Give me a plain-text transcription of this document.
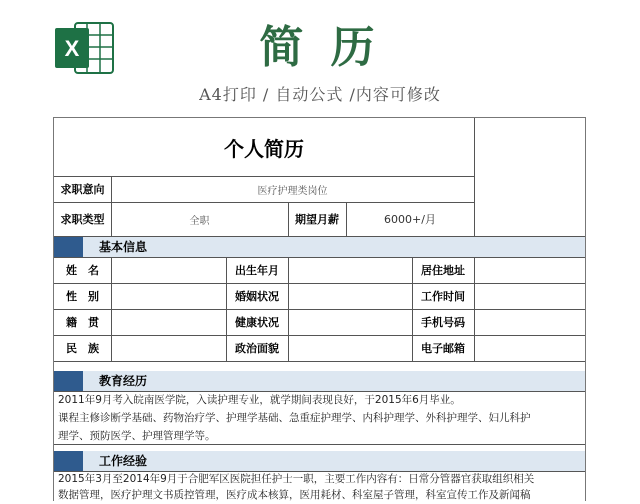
X	简 历
A4打印 / 自动公式 /内容可修改
个人简历
求职意向	医疗护理类岗位
求职类型	全职	期望月薪	6000+/月
基本信息
姓　名	出生年月	居住地址
性　别	婚姻状况	工作时间
籍　贯	健康状况	手机号码
民　族	政治面貌	电子邮箱
教育经历
2011年9月考入皖南医学院，入读护理专业，就学期间表现良好，于2015年6月毕业。
课程主修诊断学基础、药物治疗学、护理学基础、急重症护理学、内科护理学、外科护理学、妇儿科护
理学、预防医学、护理管理学等。
工作经验
2015年3月至2014年9月于合肥军区医院担任护士一职，主要工作内容有：日常分管器官获取组织相关
数据管理，医疗护理文书质控管理，医疗成本核算，医用耗材、科室屋子管理，科室宣传工作及新闻稿
